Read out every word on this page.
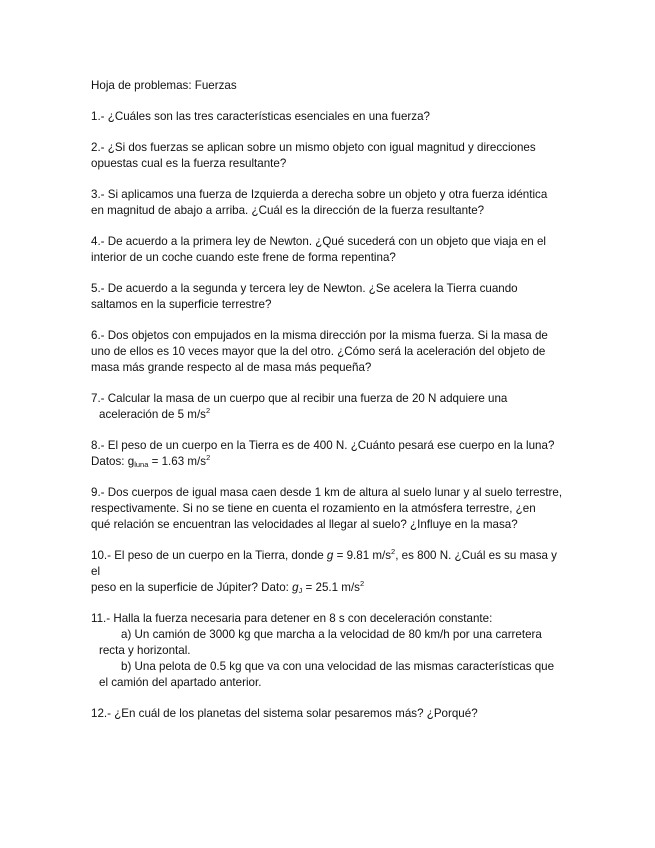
Hoja de problemas: Fuerzas

1.- ¿Cuáles son las tres características esenciales en una fuerza?

2.- ¿Si dos fuerzas se aplican sobre un mismo objeto con igual magnitud y direcciones

opuestas cual es la fuerza resultante?

3.- Si aplicamos una fuerza de Izquierda a derecha sobre un objeto y otra fuerza idéntica

en magnitud de abajo a arriba. ¿Cuál es la dirección de la fuerza resultante?

4.- De acuerdo a la primera ley de Newton. ¿Qué sucederá con un objeto que viaja en el

interior de un coche cuando este frene de forma repentina?

5.- De acuerdo a la segunda y tercera ley de Newton. ¿Se acelera la Tierra cuando

saltamos en la superficie terrestre?

6.- Dos objetos con empujados en la misma dirección por la misma fuerza. Si la masa de

uno de ellos es 10 veces mayor que la del otro. ¿Cómo será la aceleración del objeto de

masa más grande respecto al de masa más pequeña?

7.- Calcular la masa de un cuerpo que al recibir una fuerza de 20 N adquiere una

aceleración de 5 $m/s^2$

8.- El peso de un cuerpo en la Tierra es de 400 N. ¿Cuánto pesará ese cuerpo en la luna?

Datos: $g_{luna} = 1.63$ $m/s^2$

9.- Dos cuerpos de igual masa caen desde 1 km de altura al suelo lunar y al suelo terrestre,

respectivamente. Si no se tiene en cuenta el rozamiento en la atmósfera terrestre, ¿en

qué relación se encuentran las velocidades al llegar al suelo? ¿Influye en la masa?

10.- El peso de un cuerpo en la Tierra, donde g = 9.81 $m/s^2$, es 800 N. ¿Cuál es su masa y el

peso en la superficie de Júpiter? Dato: $g_J = 25.1$ $m/s^2$

11.- Halla la fuerza necesaria para detener en 8 s con deceleración constante:

a) Un camión de 3000 kg que marcha a la velocidad de 80 km/h por una carretera

recta y horizontal.

b) Una pelota de 0.5 kg que va con una velocidad de las mismas características que

el camión del apartado anterior.

12.- ¿En cuál de los planetas del sistema solar pesaremos más? ¿Porqué?
